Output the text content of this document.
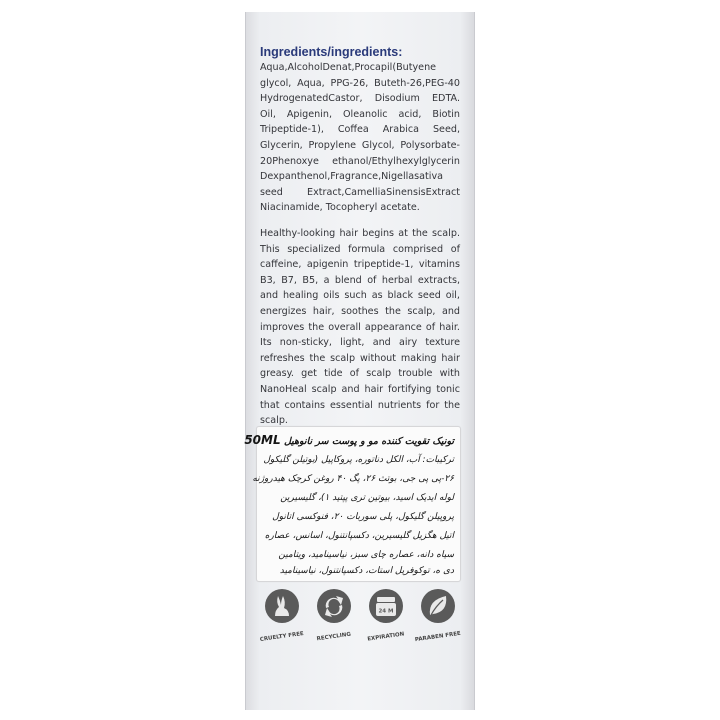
Ingredients/ingredients:
Aqua,AlcoholDenat,Procapil(Butyene glycol, Aqua, PPG-26, Buteth-26,PEG-40 HydrogenatedCastor, Disodium EDTA. Oil, Apigenin, Oleanolic acid, Biotin Tripeptide-1), Coffea Arabica Seed, Glycerin, Propylene Glycol, Polysorbate-20Phenoxye ethanol/Ethylhexylglycerin Dexpanthenol,Fragrance,Nigellasativa seed Extract,CamelliaSinensisExtract Niacinamide, Tocopheryl acetate.
Healthy-looking hair begins at the scalp. This specialized formula comprised of caffeine, apigenin tripeptide-1, vitamins B3, B7, B5, a blend of herbal extracts, and healing oils such as black seed oil, energizes hair, soothes the scalp, and improves the overall appearance of hair. Its non-sticky, light, and airy texture refreshes the scalp without making hair greasy. get tide of scalp trouble with NanoHeal scalp and hair fortifying tonic that contains essential nutrients for the scalp.
تونیک تقویت کننده مو و پوست سر نانوهیل 50ML
ترکیبات: آب، الکل دناتوره، پروکاپیل (بوتیلن گلیکول
۲۶-پی پی جی، بوتث ۲۶، پگ ۴۰ روغن کرچک هیدروژنه
لوله ایدیک اسید، بیوتین تری پپتید ۱)، گلیسیرین
پروپیلن گلیکول، پلی سوربات ۲۰، فنوکسی اتانول
اتیل هگزیل گلیسیرین، دکسپانتنول، اسانس، عصاره
سیاه دانه، عصاره چای سبز، نیاسینامید، ویتامین
دی ه، توکوفریل استات، دکسپانتنول، نیاسینامید
CRUELTY FREE RECYCLING
24 M
EXPIRATION PARABEN FREE
